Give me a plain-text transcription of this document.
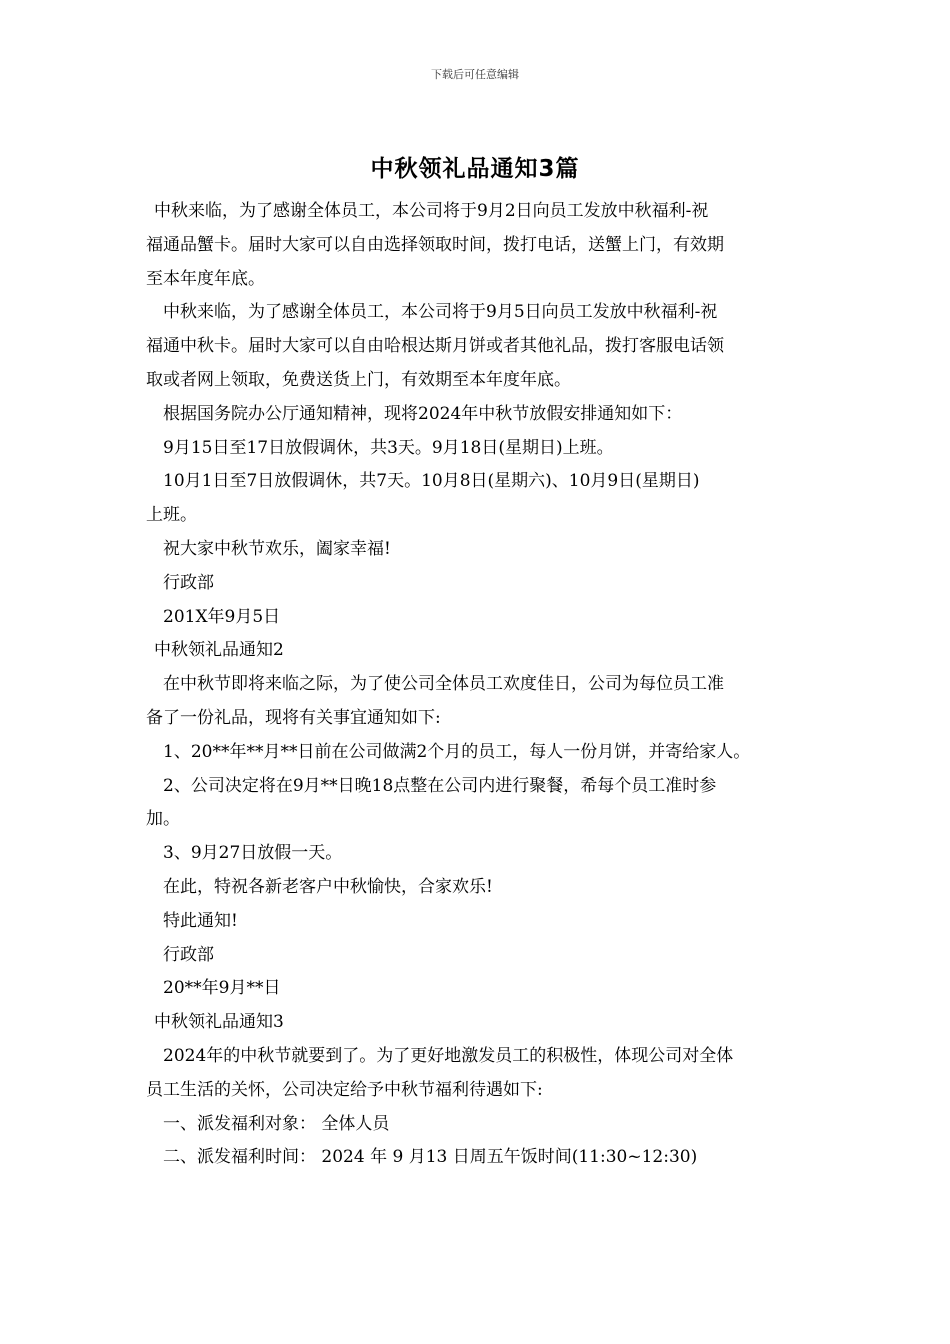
下载后可任意编辑
中秋领礼品通知3篇

中秋来临，为了感谢全体员工，本公司将于9月2日向员工发放中秋福利-祝

福通品蟹卡。届时大家可以自由选择领取时间，拨打电话，送蟹上门，有效期

至本年度年底。

中秋来临，为了感谢全体员工，本公司将于9月5日向员工发放中秋福利-祝

福通中秋卡。届时大家可以自由哈根达斯月饼或者其他礼品，拨打客服电话领

取或者网上领取，免费送货上门，有效期至本年度年底。

根据国务院办公厅通知精神，现将2024年中秋节放假安排通知如下：

9月15日至17日放假调休，共3天。9月18日(星期日)上班。

10月1日至7日放假调休，共7天。10月8日(星期六)、10月9日(星期日)

上班。

祝大家中秋节欢乐，阖家幸福!

行政部

201X年9月5日

中秋领礼品通知2

在中秋节即将来临之际，为了使公司全体员工欢度佳日，公司为每位员工准

备了一份礼品，现将有关事宜通知如下:

1、20**年**月**日前在公司做满2个月的员工，每人一份月饼，并寄给家人。

2、公司决定将在9月**日晚18点整在公司内进行聚餐，希每个员工准时参

加。

3、9月27日放假一天。

在此，特祝各新老客户中秋愉快，合家欢乐!

特此通知!

行政部

20**年9月**日

中秋领礼品通知3

2024年的中秋节就要到了。为了更好地激发员工的积极性，体现公司对全体

员工生活的关怀，公司决定给予中秋节福利待遇如下:

一、派发福利对象： 全体人员

二、派发福利时间： 2024 年 9 月13 日周五午饭时间(11:30~12:30)
